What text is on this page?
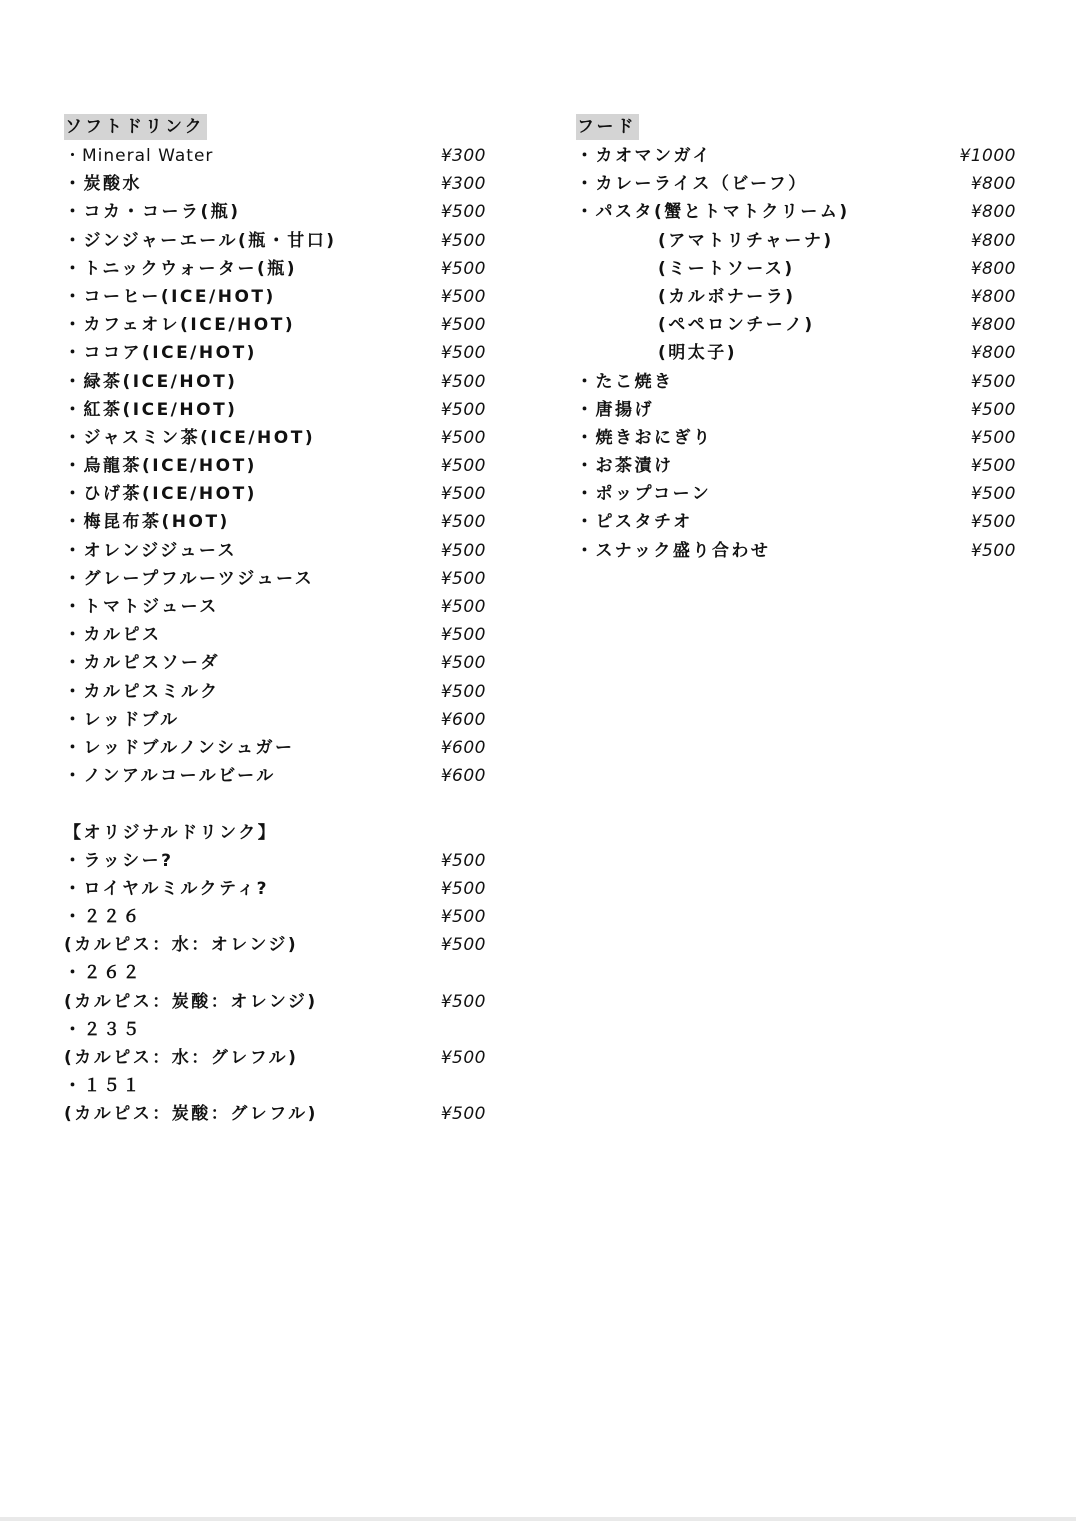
ソフトドリンク
・Mineral Water	¥300
・炭酸水	¥300
・コカ・コーラ(瓶)	¥500
・ジンジャーエール(瓶・甘口)	¥500
・トニックウォーター(瓶)	¥500
・コーヒー(ICE/HOT)	¥500
・カフェオレ(ICE/HOT)	¥500
・ココア(ICE/HOT)	¥500
・緑茶(ICE/HOT)	¥500
・紅茶(ICE/HOT)	¥500
・ジャスミン茶(ICE/HOT)	¥500
・烏龍茶(ICE/HOT)	¥500
・ひげ茶(ICE/HOT)	¥500
・梅昆布茶(HOT)	¥500
・オレンジジュース	¥500
・グレープフルーツジュース	¥500
・トマトジュース	¥500
・カルピス	¥500
・カルピスソーダ	¥500
・カルピスミルク	¥500
・レッドブル	¥600
・レッドブルノンシュガー	¥600
・ノンアルコールビール	¥600
【オリジナルドリンク】
・ラッシー?	¥500
・ロイヤルミルクティ?	¥500
・２２６	¥500
(カルピス：水：オレンジ)	¥500
・２６２
(カルピス：炭酸：オレンジ)	¥500
・２３５
(カルピス：水：グレフル)	¥500
・１５１
(カルピス：炭酸：グレフル)	¥500
フード
・カオマンガイ	¥1000
・カレーライス（ビーフ）	¥800
・パスタ(蟹とトマトクリーム)	¥800
(アマトリチャーナ)	¥800
(ミートソース)	¥800
(カルボナーラ)	¥800
(ペペロンチーノ)	¥800
(明太子)	¥800
・たこ焼き	¥500
・唐揚げ	¥500
・焼きおにぎり	¥500
・お茶漬け	¥500
・ポップコーン	¥500
・ピスタチオ	¥500
・スナック盛り合わせ	¥500
